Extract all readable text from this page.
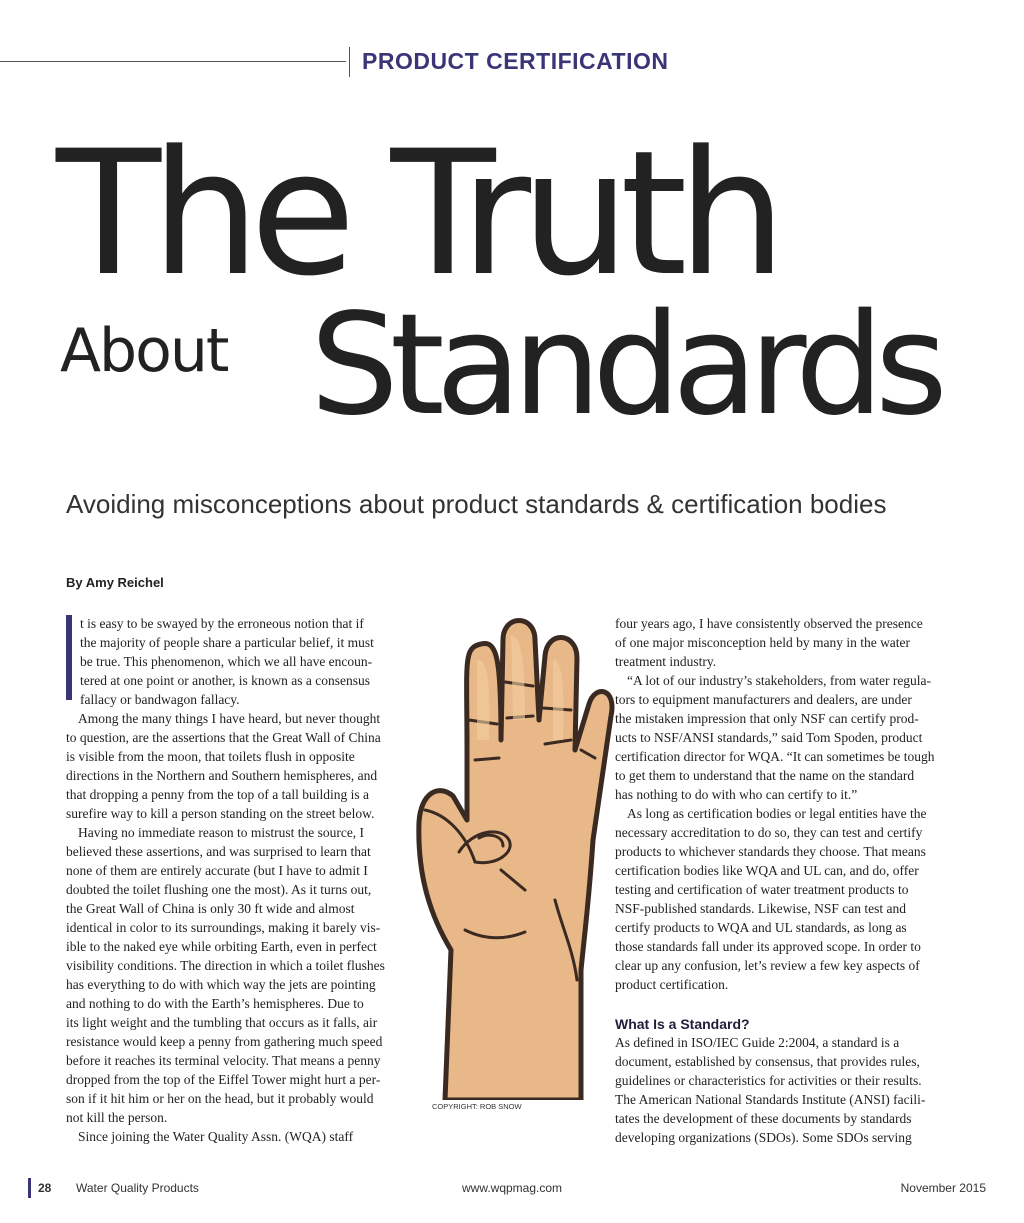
PRODUCT CERTIFICATION
The Truth
About Standards
Avoiding misconceptions about product standards & certification bodies
By Amy Reichel

t is easy to be swayed by the erroneous notion that if

the majority of people share a particular belief, it must

be true. This phenomenon, which we all have encoun-

tered at one point or another, is known as a consensus

fallacy or bandwagon fallacy.

Among the many things I have heard, but never thought

to question, are the assertions that the Great Wall of China

is visible from the moon, that toilets flush in opposite

directions in the Northern and Southern hemispheres, and

that dropping a penny from the top of a tall building is a

surefire way to kill a person standing on the street below.

Having no immediate reason to mistrust the source, I

believed these assertions, and was surprised to learn that

none of them are entirely accurate (but I have to admit I

doubted the toilet flushing one the most). As it turns out,

the Great Wall of China is only 30 ft wide and almost

identical in color to its surroundings, making it barely vis-

ible to the naked eye while orbiting Earth, even in perfect

visibility conditions. The direction in which a toilet flushes

has everything to do with which way the jets are pointing

and nothing to do with the Earth’s hemispheres. Due to

its light weight and the tumbling that occurs as it falls, air

resistance would keep a penny from gathering much speed

before it reaches its terminal velocity. That means a penny

dropped from the top of the Eiffel Tower might hurt a per-

son if it hit him or her on the head, but it probably would

not kill the person.

Since joining the Water Quality Assn. (WQA) staff

COPYRIGHT: ROB SNOW

four years ago, I have consistently observed the presence

of one major misconception held by many in the water

treatment industry.

“A lot of our industry’s stakeholders, from water regula-

tors to equipment manufacturers and dealers, are under

the mistaken impression that only NSF can certify prod-

ucts to NSF/ANSI standards,” said Tom Spoden, product

certification director for WQA. “It can sometimes be tough

to get them to understand that the name on the standard

has nothing to do with who can certify to it.”

As long as certification bodies or legal entities have the

necessary accreditation to do so, they can test and certify

products to whichever standards they choose. That means

certification bodies like WQA and UL can, and do, offer

testing and certification of water treatment products to

NSF-published standards. Likewise, NSF can test and

certify products to WQA and UL standards, as long as

those standards fall under its approved scope. In order to

clear up any confusion, let’s review a few key aspects of

product certification.

What Is a Standard?

As defined in ISO/IEC Guide 2:2004, a standard is a

document, established by consensus, that provides rules,

guidelines or characteristics for activities or their results.

The American National Standards Institute (ANSI) facili-

tates the development of these documents by standards

developing organizations (SDOs). Some SDOs serving

28 Water Quality Products	www.wqpmag.com	November 2015
